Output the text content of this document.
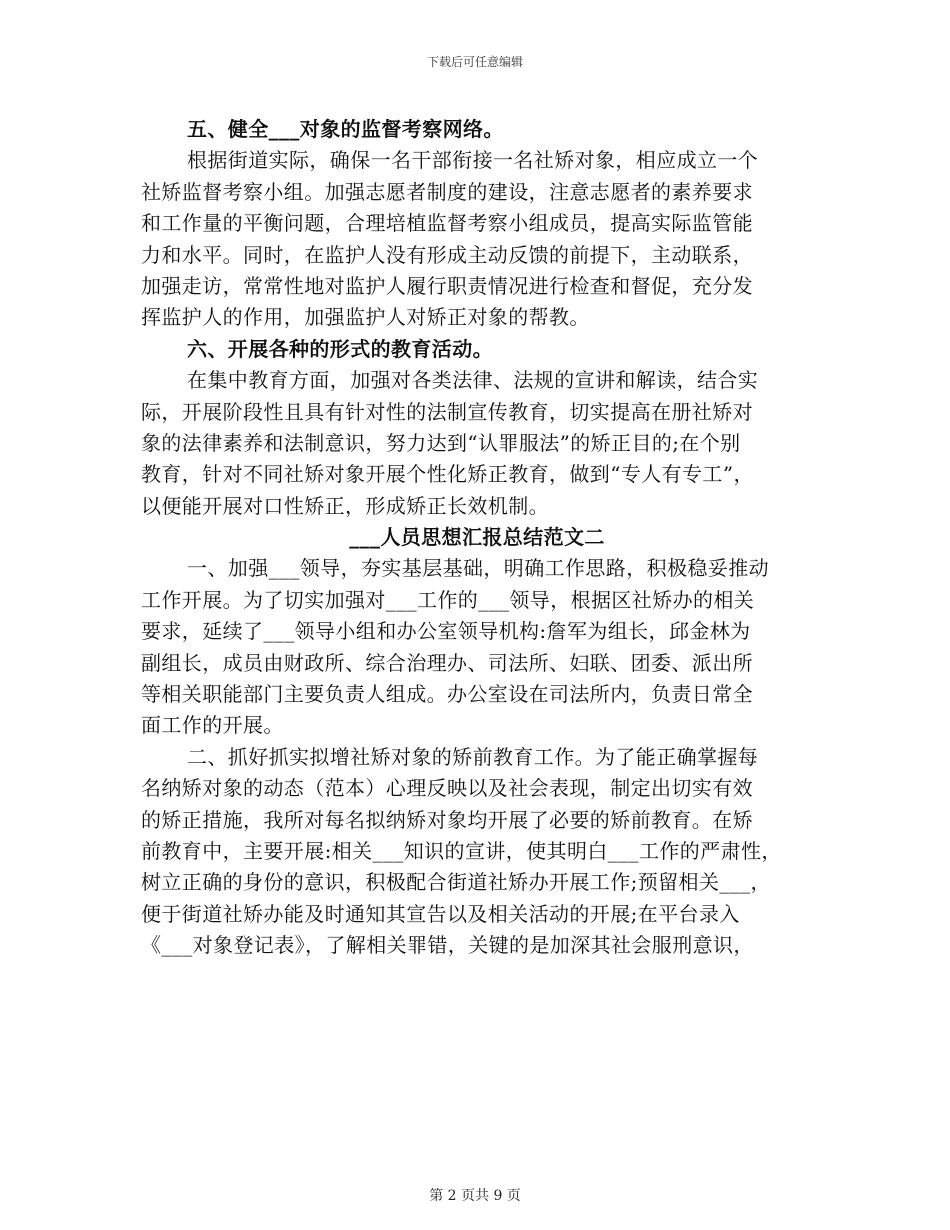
下载后可任意编辑
五、健全___对象的监督考察网络。
根据街道实际，确保一名干部衔接一名社矫对象，相应成立一个
社矫监督考察小组。加强志愿者制度的建设，注意志愿者的素养要求
和工作量的平衡问题，合理培植监督考察小组成员，提高实际监管能
力和水平。同时，在监护人没有形成主动反馈的前提下，主动联系，
加强走访，常常性地对监护人履行职责情况进行检查和督促，充分发
挥监护人的作用，加强监护人对矫正对象的帮教。
六、开展各种的形式的教育活动。
在集中教育方面，加强对各类法律、法规的宣讲和解读，结合实
际，开展阶段性且具有针对性的法制宣传教育，切实提高在册社矫对
象的法律素养和法制意识，努力达到“认罪服法”的矫正目的;在个别
教育，针对不同社矫对象开展个性化矫正教育，做到“专人有专工”，
以便能开展对口性矫正，形成矫正长效机制。
___人员思想汇报总结范文二
一、加强___领导，夯实基层基础，明确工作思路，积极稳妥推动
工作开展。为了切实加强对___工作的___领导，根据区社矫办的相关
要求，延续了___领导小组和办公室领导机构:詹军为组长，邱金林为
副组长，成员由财政所、综合治理办、司法所、妇联、团委、派出所
等相关职能部门主要负责人组成。办公室设在司法所内，负责日常全
面工作的开展。
二、抓好抓实拟增社矫对象的矫前教育工作。为了能正确掌握每
名纳矫对象的动态（范本）心理反映以及社会表现，制定出切实有效
的矫正措施，我所对每名拟纳矫对象均开展了必要的矫前教育。在矫
前教育中，主要开展:相关___知识的宣讲，使其明白___工作的严肃性，
树立正确的身份的意识，积极配合街道社矫办开展工作;预留相关___，
便于街道社矫办能及时通知其宣告以及相关活动的开展;在平台录入
《___对象登记表》，了解相关罪错，关键的是加深其社会服刑意识，
第 2 页共 9 页
